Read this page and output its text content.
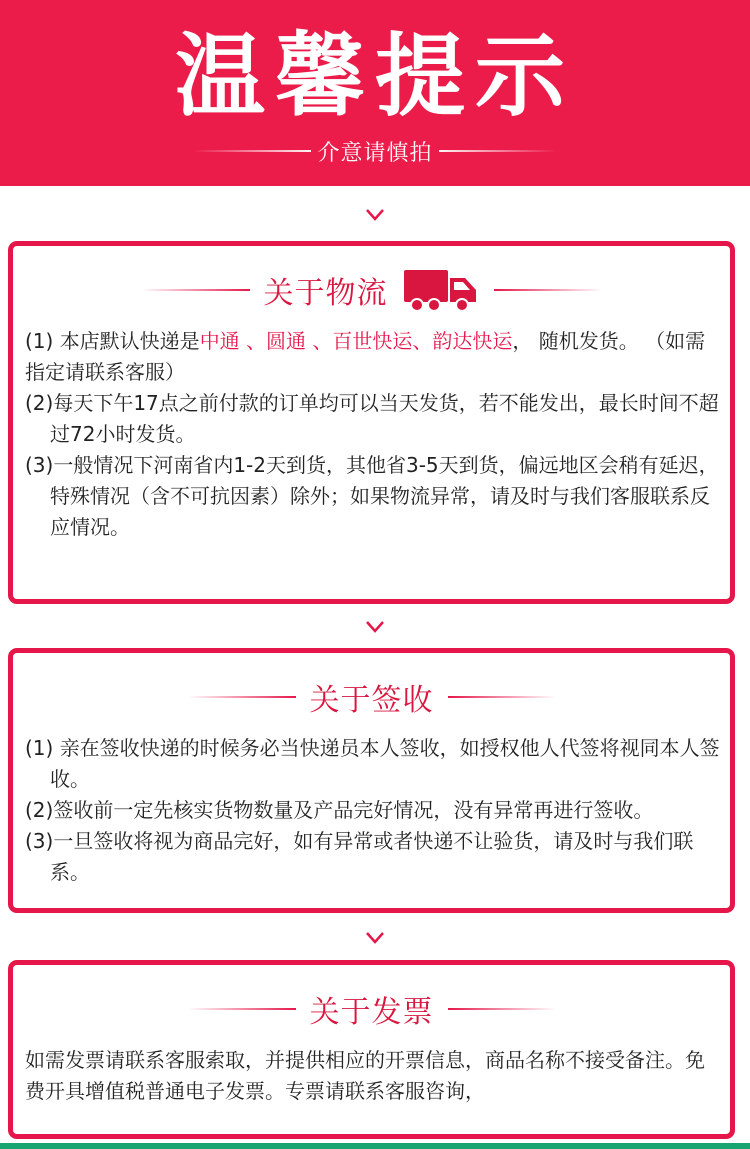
温馨提示
介意请慎拍
关于物流

(1) 本店默认快递是中通 、圆通 、百世快运、韵达快运， 随机发货。 （如需指定请联系客服）

(2)每天下午17点之前付款的订单均可以当天发货，若不能发出，最长时间不超过72小时发货。

(3)一般情况下河南省内1-2天到货，其他省3-5天到货，偏远地区会稍有延迟，特殊情况（含不可抗因素）除外；如果物流异常，请及时与我们客服联系反应情况。

关于签收

(1) 亲在签收快递的时候务必当快递员本人签收，如授权他人代签将视同本人签收。

(2)签收前一定先核实货物数量及产品完好情况，没有异常再进行签收。

(3)一旦签收将视为商品完好，如有异常或者快递不让验货，请及时与我们联系。

关于发票

如需发票请联系客服索取，并提供相应的开票信息，商品名称不接受备注。免费开具增值税普通电子发票。专票请联系客服咨询，
